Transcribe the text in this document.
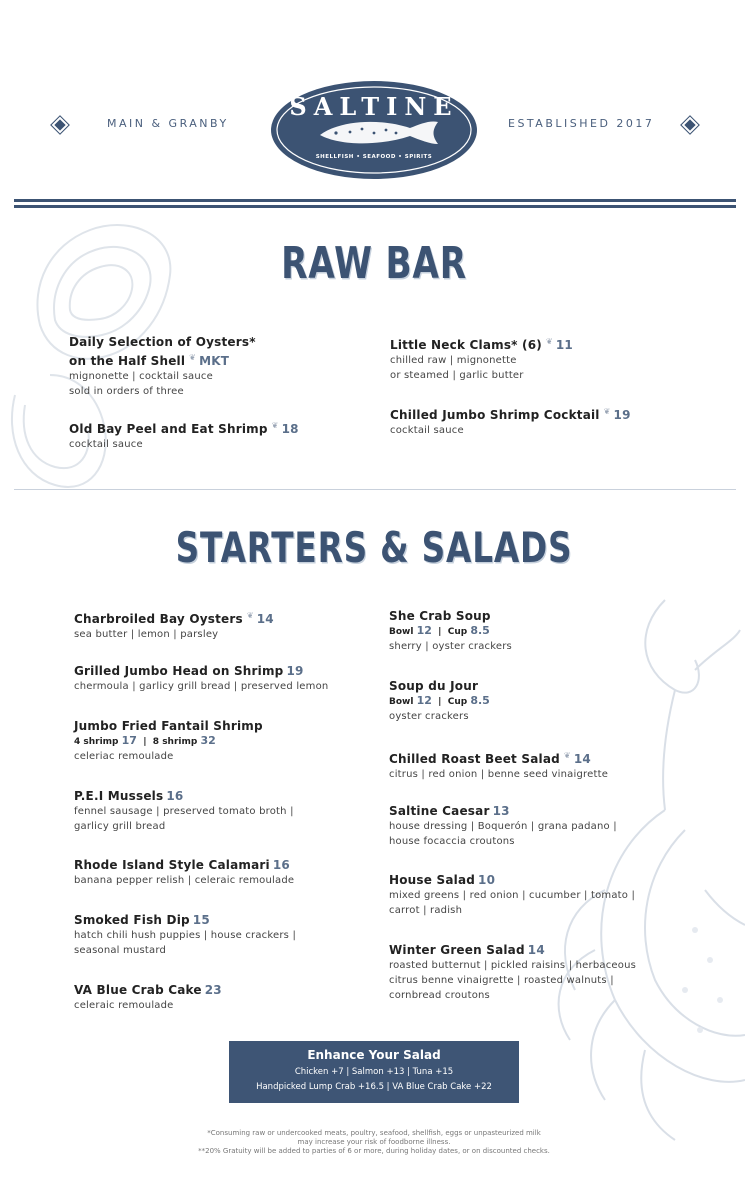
MAIN & GRANBY
SALTINE
SHELLFISH • SEAFOOD • SPIRITS
ESTABLISHED 2017
RAW BAR
Daily Selection of Oysters*
on the Half Shell ❦ MKT
mignonette | cocktail sauce
sold in orders of three
Old Bay Peel and Eat Shrimp ❦ 18
cocktail sauce
Little Neck Clams* (6) ❦ 11
chilled raw | mignonette
or steamed | garlic butter
Chilled Jumbo Shrimp Cocktail ❦ 19
cocktail sauce
STARTERS & SALADS
Charbroiled Bay Oysters ❦ 14
sea butter | lemon | parsley
Grilled Jumbo Head on Shrimp 19
chermoula | garlicy grill bread | preserved lemon
Jumbo Fried Fantail Shrimp
4 shrimp 17  |  8 shrimp 32
celeriac remoulade
P.E.I Mussels 16
fennel sausage | preserved tomato broth |
garlicy grill bread
Rhode Island Style Calamari 16
banana pepper relish | celeraic remoulade
Smoked Fish Dip 15
hatch chili hush puppies | house crackers |
seasonal mustard
VA Blue Crab Cake 23
celeraic remoulade
She Crab Soup
Bowl 12  |  Cup 8.5
sherry | oyster crackers
Soup du Jour
Bowl 12  |  Cup 8.5
oyster crackers
Chilled Roast Beet Salad ❦ 14
citrus | red onion | benne seed vinaigrette
Saltine Caesar 13
house dressing | Boquerón | grana padano |
house focaccia croutons
House Salad 10
mixed greens | red onion | cucumber | tomato |
carrot | radish
Winter Green Salad 14
roasted butternut | pickled raisins | herbaceous
citrus benne vinaigrette | roasted walnuts |
cornbread croutons
Enhance Your Salad
Chicken +7 | Salmon +13 | Tuna +15
Handpicked Lump Crab +16.5 | VA Blue Crab Cake +22
*Consuming raw or undercooked meats, poultry, seafood, shellfish, eggs or unpasteurized milk
may increase your risk of foodborne illness.
**20% Gratuity will be added to parties of 6 or more, during holiday dates, or on discounted checks.
